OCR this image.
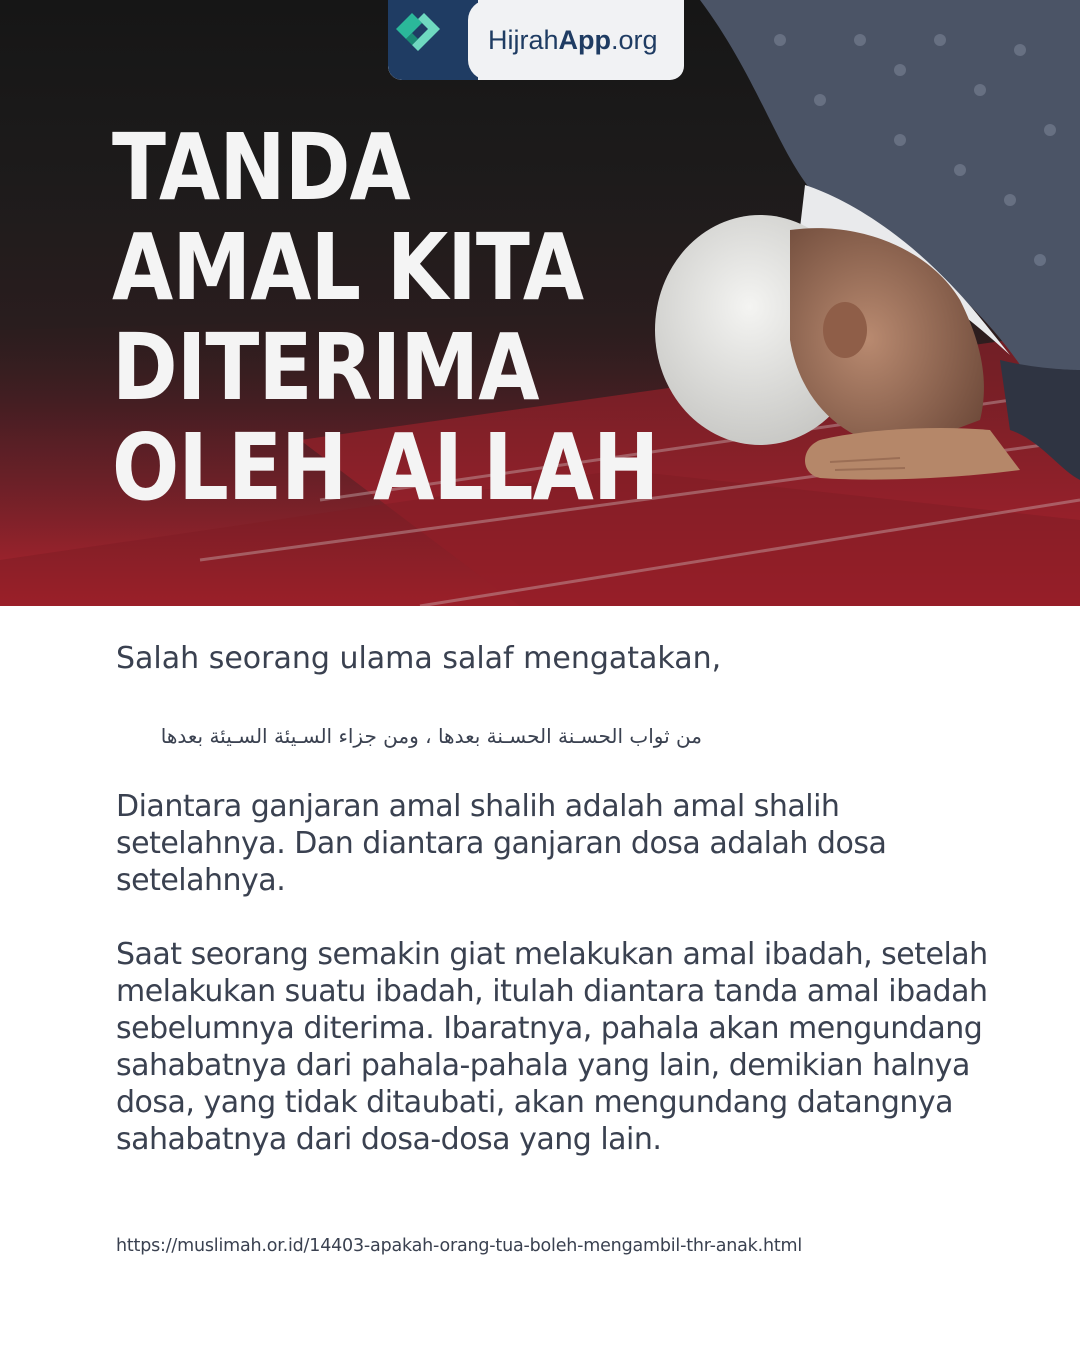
HijrahApp.org
TANDA
AMAL KITA
DITERIMA
OLEH ALLAH

Salah seorang ulama salaf mengatakan,

من ثواب الحسـنة الحسـنة بعدها ، ومن جزاء السـيئة السـيئة بعدها

Diantara ganjaran amal shalih adalah amal shalih setelahnya. Dan diantara ganjaran dosa adalah dosa setelahnya.

Saat seorang semakin giat melakukan amal ibadah, setelah melakukan suatu ibadah, itulah diantara tanda amal ibadah sebelumnya diterima. Ibaratnya, pahala akan mengundang sahabatnya dari pahala-pahala yang lain, demikian halnya dosa, yang tidak ditaubati, akan mengundang datangnya sahabatnya dari dosa-dosa yang lain.

https://muslimah.or.id/14403-apakah-orang-tua-boleh-mengambil-thr-anak.html
